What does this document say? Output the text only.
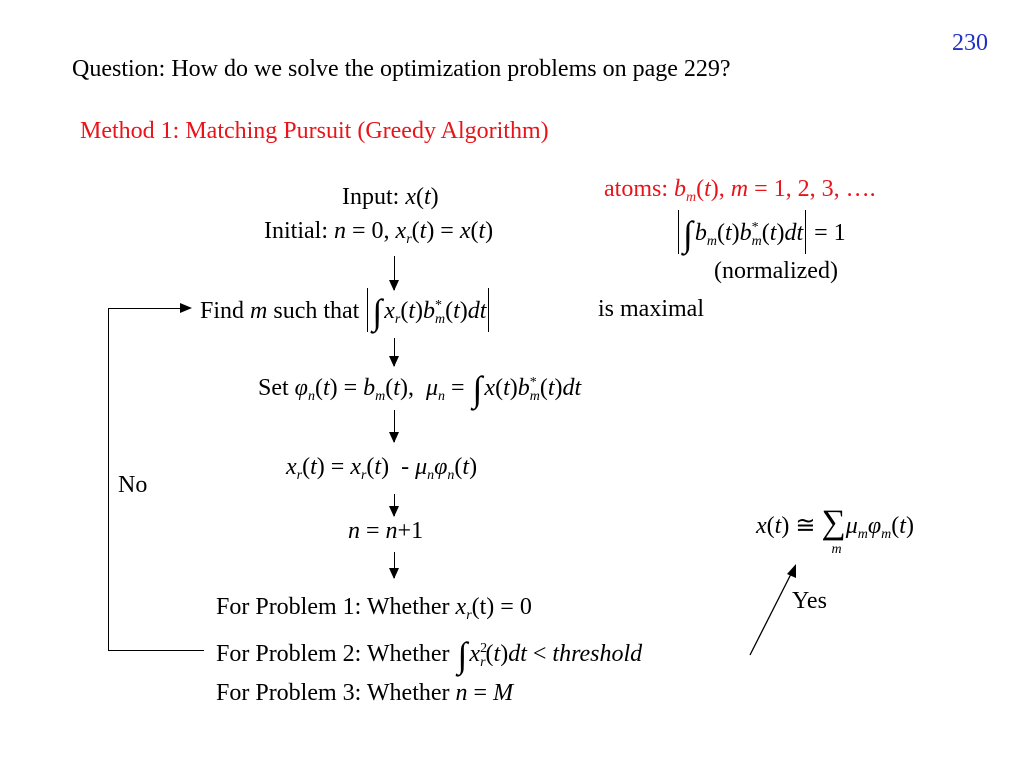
230
Question: How do we solve the optimization problems on page 229?
Method 1: Matching Pursuit (Greedy Algorithm)
Input: x(t)
Initial: n = 0, $x_r(t) = x(t)$
atoms: $b_m(t)$, m = 1, 2, 3, ….
$\int b_m(t)b^*_m(t)dt = 1$
(normalized)
Find m such that $\int x_r(t)b^*_m(t)dt$	is maximal
Set $\varphi_n(t) = b_m(t)$,  $\mu_n = \int x(t)b^*_m(t)dt$
$x_r(t) = x_r(t) - \mu_n\varphi_n(t)$
n = n+1
For Problem 1: Whether $x_r(t) = 0$
For Problem 2: Whether $\int x^2_r(t)dt$ < threshold
For Problem 3: Whether n = M
No
Yes
x(t) ≅ ∑
m
$\mu_m\varphi_m(t)$
